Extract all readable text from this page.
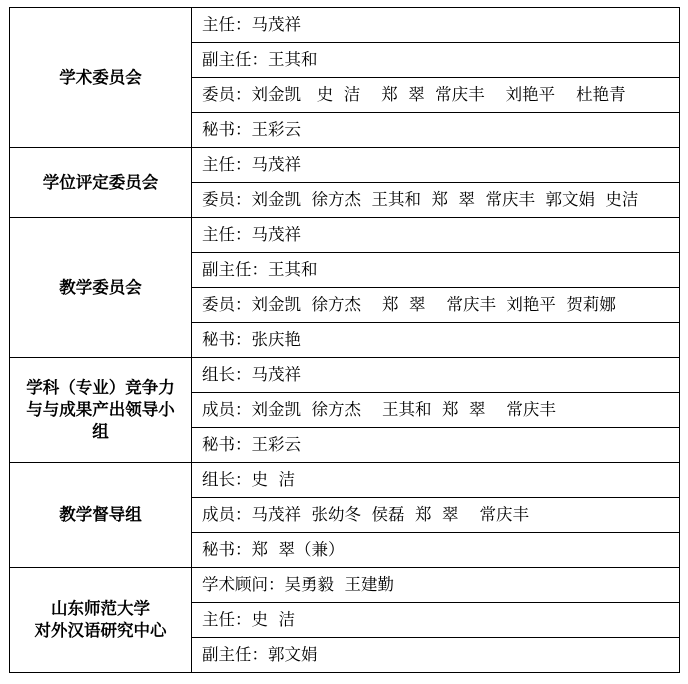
学术委员会	主任：马茂祥
	副主任：王其和
	委员：刘金凯   史  洁    郑  翠  常庆丰    刘艳平    杜艳青
	秘书：王彩云

学位评定委员会	主任：马茂祥
	委员：刘金凯  徐方杰  王其和  郑  翠  常庆丰  郭文娟  史洁

教学委员会	主任：马茂祥
	副主任：王其和
	委员：刘金凯  徐方杰    郑  翠    常庆丰  刘艳平  贺莉娜
	秘书：张庆艳

学科（专业）竞争力
与与成果产出领导小
组	组长：马茂祥
	成员：刘金凯  徐方杰    王其和  郑  翠    常庆丰
	秘书：王彩云

教学督导组	组长：史  洁
	成员：马茂祥  张幼冬  侯磊  郑  翠    常庆丰
	秘书：郑  翠（兼）

山东师范大学
对外汉语研究中心	学术顾问：吴勇毅  王建勤
	主任：史  洁
	副主任：郭文娟
